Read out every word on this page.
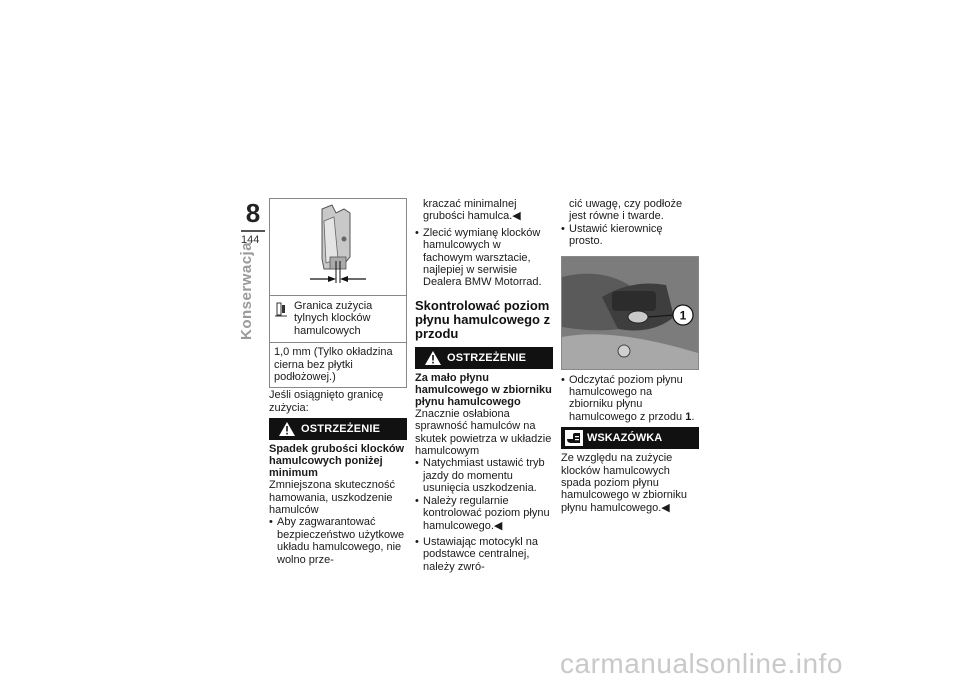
8
144
Konserwacja	Granica zużycia tylnych klocków hamulcowych
1,0 mm (Tylko okładzina cierna bez płytki podłożowej.)

Jeśli osiągnięto granicę zużycia:

OSTRZEŻENIE
Spadek grubości klocków hamulcowych poniżej minimum

Zmniejszona skuteczność hamowania, uszkodzenie hamulców

• Aby zagwarantować bezpieczeństwo użytkowe układu hamulcowego, nie wolno prze-

kraczać minimalnej grubości hamulca.◀

• Zlecić wymianę klocków hamulcowych w fachowym warsztacie, najlepiej w serwisie Dealera BMW Motorrad.
Skontrolować poziom płynu hamulcowego z przodu
OSTRZEŻENIE
Za mało płynu hamulcowego w zbiorniku płynu hamulcowego

Znacznie osłabiona sprawność hamulców na skutek powietrza w układzie hamulcowym

• Natychmiast ustawić tryb jazdy do momentu usunięcia uszkodzenia.
• Należy regularnie kontrolować poziom płynu hamulcowego.◀
• Ustawiając motocykl na podstawce centralnej, należy zwró-

cić uwagę, czy podłoże jest równe i twarde.

• Ustawić kierownicę prosto.
1
• Odczytać poziom płynu hamulcowego na zbiorniku płynu hamulcowego z przodu 1.
WSKAZÓWKA

Ze względu na zużycie klocków hamulcowych spada poziom płynu hamulcowego w zbiorniku płynu hamulcowego.◀

carmanualsonline.info
